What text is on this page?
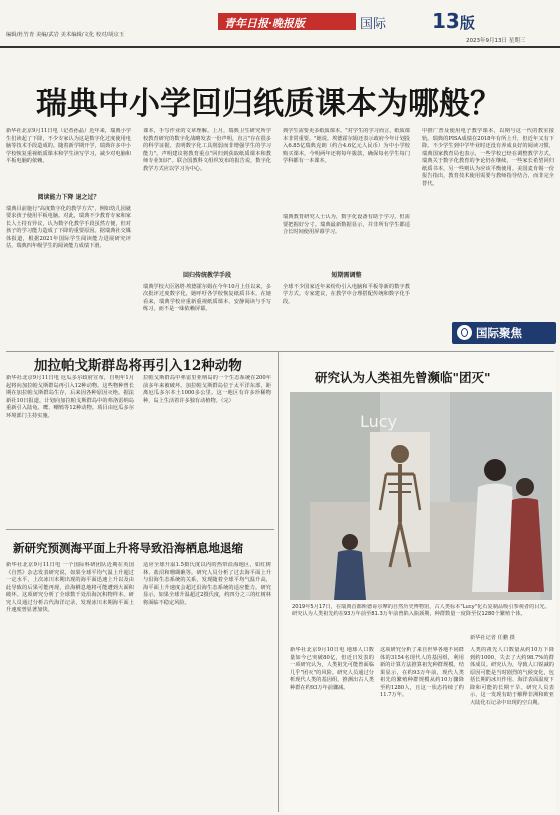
编辑/杜竹青 美编/武岩 美术编辑/文化 校对/胡京玉
青年日报·晚报版	国际 13版
2023年9月13日 星期三
瑞典中小学回归纸质课本为哪般？
新华社北京9月11日电（记者孙晶）近年来，瑞典小学生们读起了下降，不少专家认为这是数字化过度使用电脑等技术手段造成的。随着新学期开学，瑞典许多中小学校恢复重视纸质课本和学生读写学习，减少对电脑和平板电脑的依赖。
阅读能力下降 退之过？
瑞典目前施行"高度数字化的教学方式"，例如幼儿园就要求孩子使用平板电脑。对此，瑞典不少教育专家和家长人士持有异议，认为数字化教学手段虽然方便，但对孩子的学习能力造成了下降的重要原因。据瑞典社交媒体报道，根据2021年国际学生阅读能力进展研究评估，瑞典四年级学生的阅读能力成绩下滑。
课本，手写作业的文章理解。上月，瑞典卫生研究所学校教育研究的数字化战略发表一份声明，直言"存在很多的科学证据，表明数字化工具削弱而非增强学生的学习能力"。声明建议将教育重点"回归到获取纸质课本和教师专业知识"。联合国教科文组织发布的报告说，数字化教学方式应以学习为中心。
回归传统教学手段
瑞典学校大臣洛塔·埃德霍尔姆在今年10月上任以来，多次批评过度数字化，她呼吁各学校恢复纸质书本。在她看来，瑞典学校应重新重视纸质课本、安静阅读与手写练习，而不是一味依赖屏幕。
典学生需要更多纸质课本。"对学生的学习而言，纸质课本非常重要。"她说。埃德霍尔姆还表示政府今年计划投入6.85亿瑞典克朗（约合4.6亿元人民币）为中小学校购买课本，今明两年还将每年拨款，确保每名学生每门学科都有一本课本。
瑞典教育研究人士认为，数字化设备有助于学习，但需要把握好分寸。瑞典最新数据显示，并非所有学生都适合长时间使用屏幕学习。
短期需调整
全球不少国家近年来纷纷引入电脑和平板等新的数字教学方式。专家建议，在教学中合理搭配传统和数字化手段。
中推广普及使用电子教学课本，以期与这一代的教室接轨。瑞典的PISA成绩在2018年有所上升，但近年又有下降。不少学生到中学毕业时还没有养成良好的阅读习惯，瑞典国家教育局也表示，一些学校已经在调整教学方式。瑞典关于数字化教育的争论仍在继续，一些家长希望回归纸质书本，另一些则认为应该平衡使用。美国麦肯锡一份报告指出，教育技术使用需要与教师指导结合，而非完全替代。
国际聚焦
加拉帕戈斯群岛将再引入12种动物
新华社北京9月11日电 厄瓜多尔政府宣布，自明年1月起将向加拉帕戈斯群岛再引入12种动物。这些物种曾长期在加拉帕戈斯群岛生存，后来因各种原因灭绝。据法新社10日报道，计划向加拉帕戈斯群岛中的弗洛雷纳岛重新引入陆龟、鹰、嘲鸫等12种动物。项目由厄瓜多尔环境部门主持实施。
拉帕戈斯群岛中弗雷里亚纳岛的一个生态系统在200年前多年来被破坏。加拉帕戈斯群岛位于太平洋东部，距离厄瓜多尔本土1000多公里。这一地区有许多珍稀物种，岛上生活着许多独有动植物。（完）
新研究预测海平面上升将导致沿海栖息地退缩
新华社北京9月11日电 一个国际科研团队近期在英国《自然》杂志发表研究说，如果全球平均气温上升超过一定水平，上次冰川末期出现的海平面迅速上升以及由此导致的后果可能再现，沿海栖息地将可能遭到大面积破坏。这项研究分析了全球数千处沿海沉积物样本。研究人员通过分析古代海洋记录，发现冰川末期海平面上升速度曾显著加快。
适应全球升温1.5摄氏度以内的热带沿海地区，如红树林、盐沼和珊瑚礁等。研究人员分析了过去海平面上升与沿海生态系统的关系，发现随着全球平均气温升高，海平面上升速度会超过沿海生态系统的适应能力。研究显示，如果全球升温超过2摄氏度，约四分之三的红树林将面临不稳定风险。
研究认为人类祖先曾濒临"团灭"
Lucy
2019年5月17日，在瑞典首都斯德哥尔摩的自然历史博物馆，古人类标本"Lucy"化石复制品吸引参观者的目光。研究认为人类祖先约在93万年前至81.3万年前曾陷入瓶颈期，种群数量一度降至仅1280个繁殖个体。
新华社记者 任鹏 摄
新华社北京9月10日电 地球人口数量如今已突破80亿，但近日发表的一项研究认为，人类祖先可能曾面临几乎"团灭"的风险。研究人员通过分析现代人类的基因组，推测出古人类种群在约93万年前骤减。
这项研究分析了来自世界各地不同群体的3154名现代人的基因组，利用新的计算方法推算祖先种群规模。结果显示，在约93万年前，现代人类祖先的繁殖种群规模从约10万骤降至约1280人，且这一状态持续了约11.7万年。
人类的祖先人口数量从约10万下降到约1000，失去了大约98.7%的群体成员。研究认为，导致人口锐减的原因可能是当时剧烈的气候变化，包括长期的冰川作用、海洋表面温度下降和可能的长期干旱。研究人员表示，这一发现有助于解释非洲和欧亚大陆化石记录中出现的空白期。
